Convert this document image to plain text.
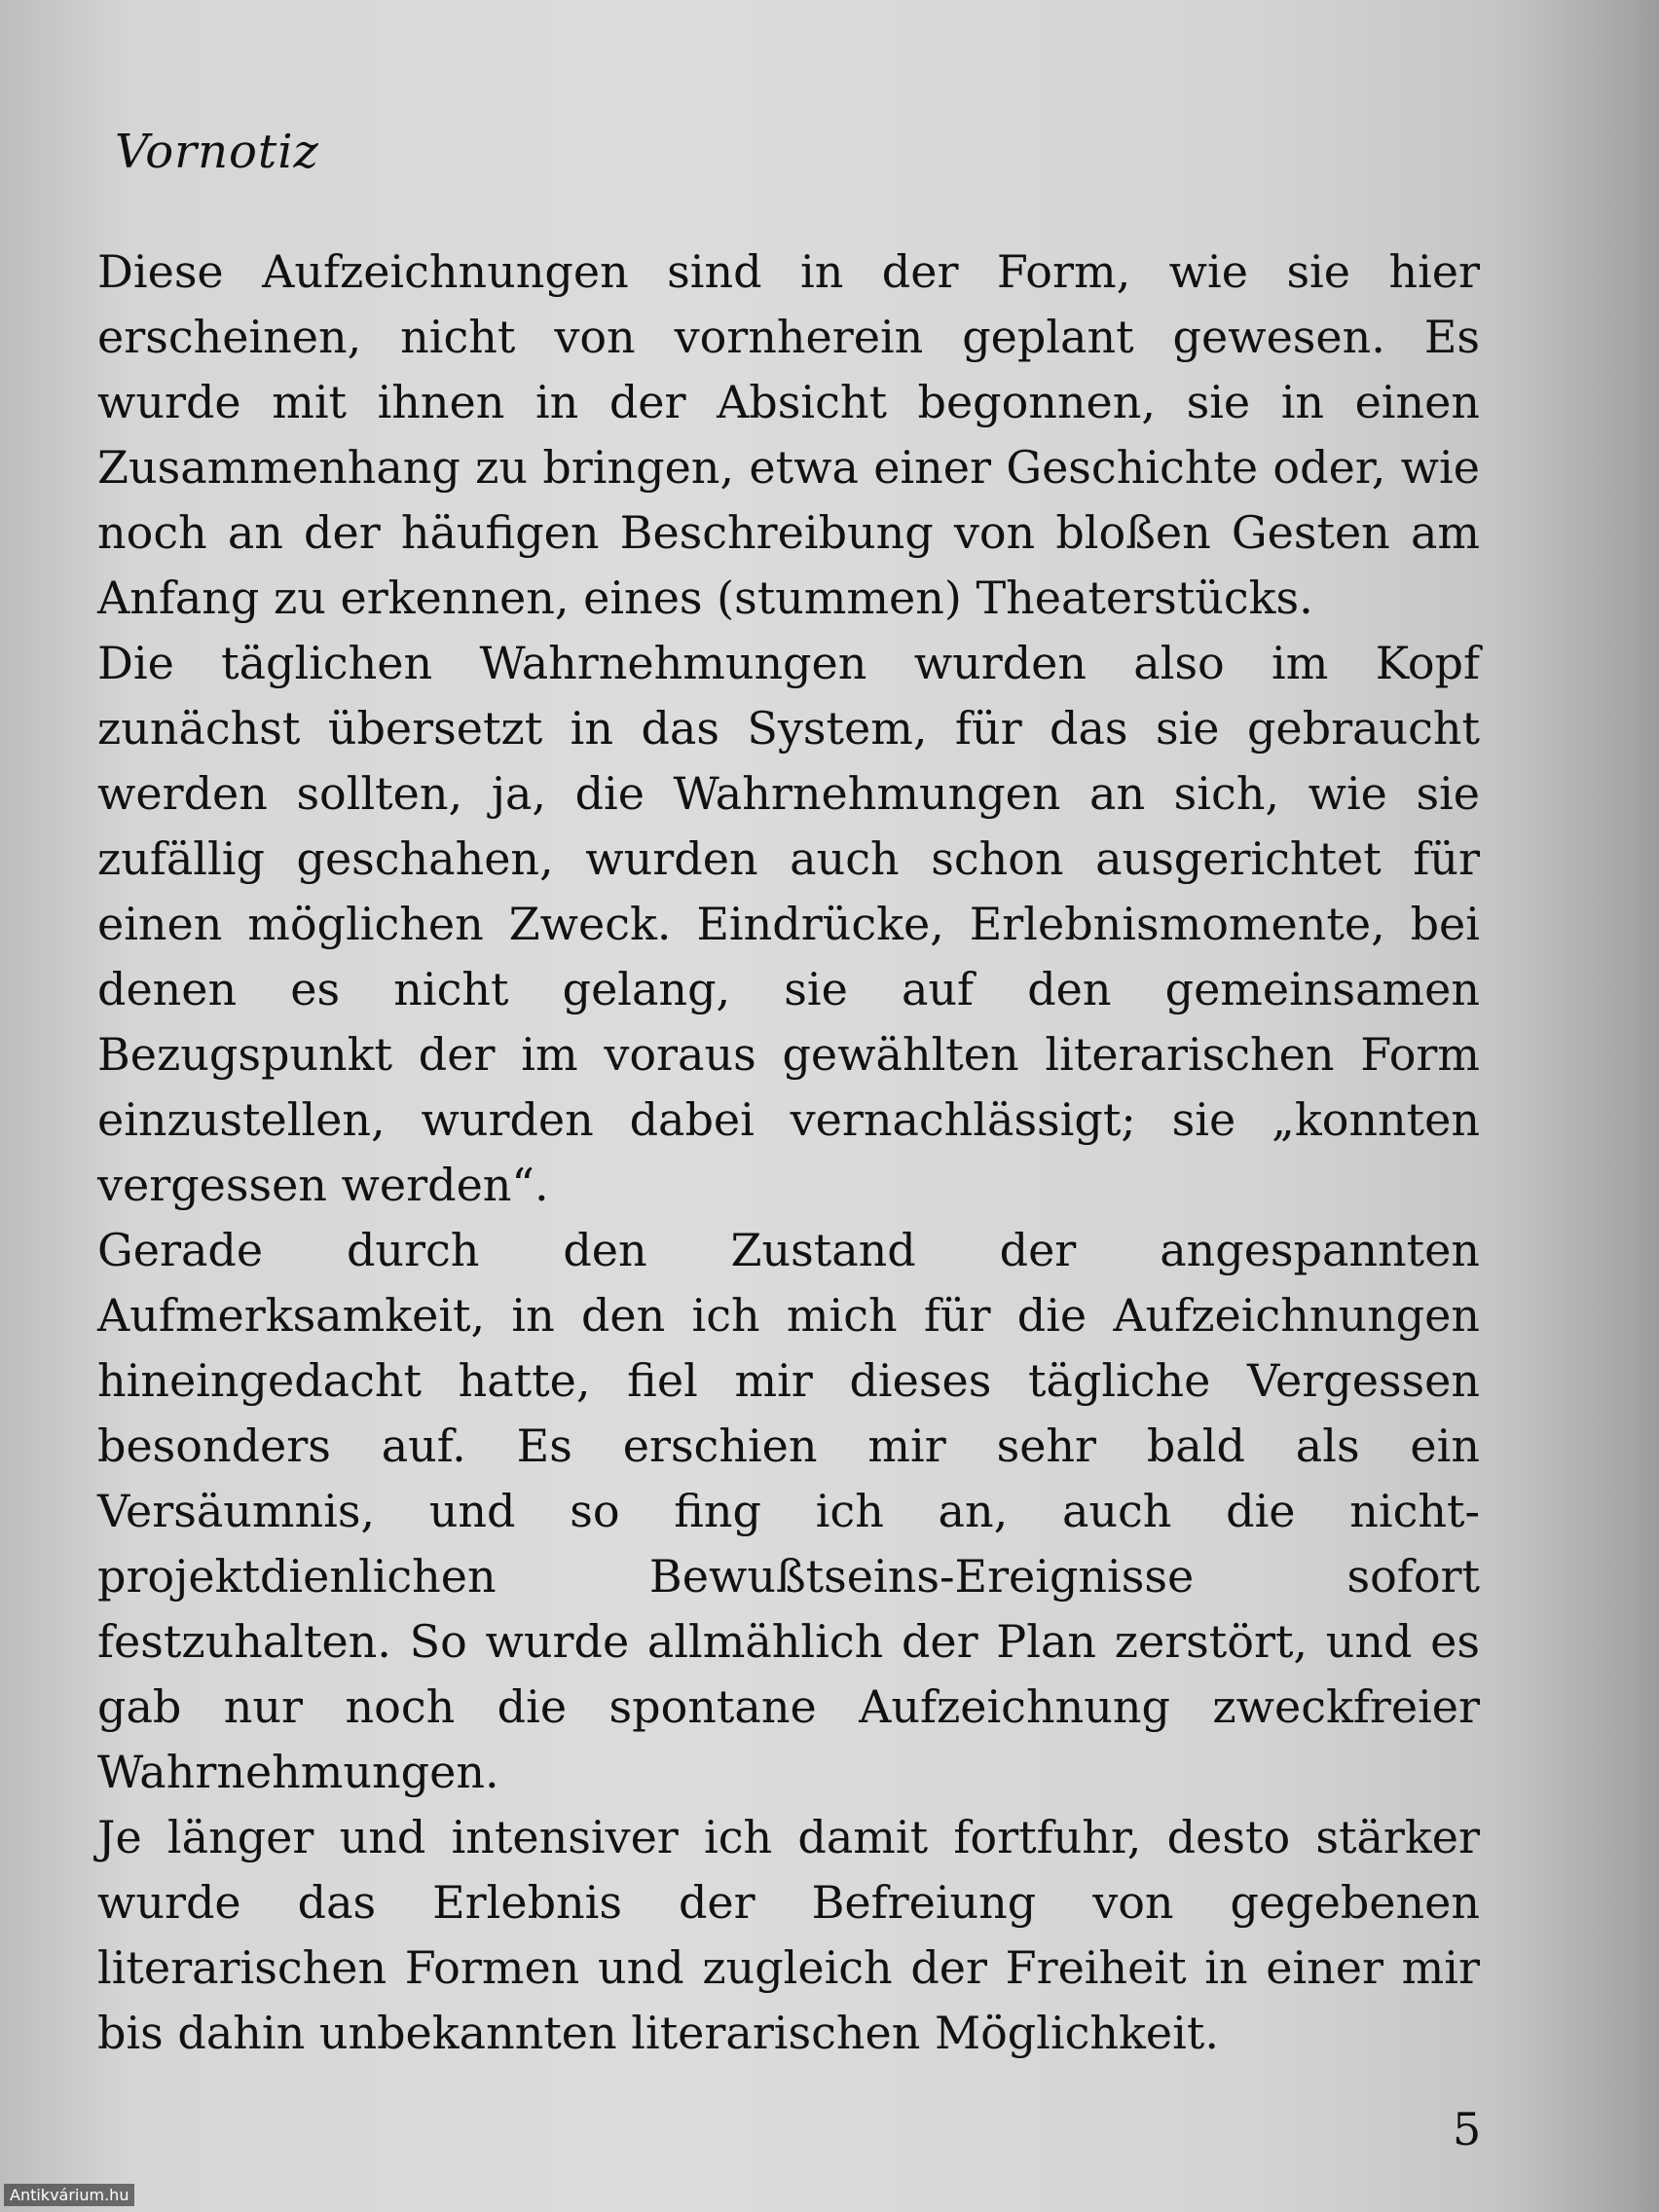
Vornotiz

Diese Aufzeichnungen sind in der Form, wie sie hier erscheinen, nicht von vornherein geplant gewesen. Es wurde mit ihnen in der Absicht begonnen, sie in einen Zusammenhang zu bringen, etwa einer Geschichte oder, wie noch an der häufigen Beschreibung von bloßen Gesten am Anfang zu erkennen, eines (stummen) Theaterstücks.

Die täglichen Wahrnehmungen wurden also im Kopf zunächst übersetzt in das System, für das sie gebraucht werden sollten, ja, die Wahrnehmungen an sich, wie sie zufällig geschahen, wurden auch schon ausgerichtet für einen möglichen Zweck. Eindrücke, Erlebnismomente, bei denen es nicht gelang, sie auf den gemeinsamen Bezugspunkt der im voraus gewählten literarischen Form einzustellen, wurden dabei vernachlässigt; sie „konnten vergessen werden“.

Gerade durch den Zustand der angespannten Aufmerksamkeit, in den ich mich für die Aufzeichnungen hineingedacht hatte, fiel mir dieses tägliche Vergessen besonders auf. Es erschien mir sehr bald als ein Versäumnis, und so fing ich an, auch die nicht-projektdienlichen Bewußtseins-Ereignisse sofort festzuhalten. So wurde allmählich der Plan zerstört, und es gab nur noch die spontane Aufzeichnung zweckfreier Wahrnehmungen.

Je länger und intensiver ich damit fortfuhr, desto stärker wurde das Erlebnis der Befreiung von gegebenen literarischen Formen und zugleich der Freiheit in einer mir bis dahin unbekannten literarischen Möglichkeit.

5
Antikvárium.hu
